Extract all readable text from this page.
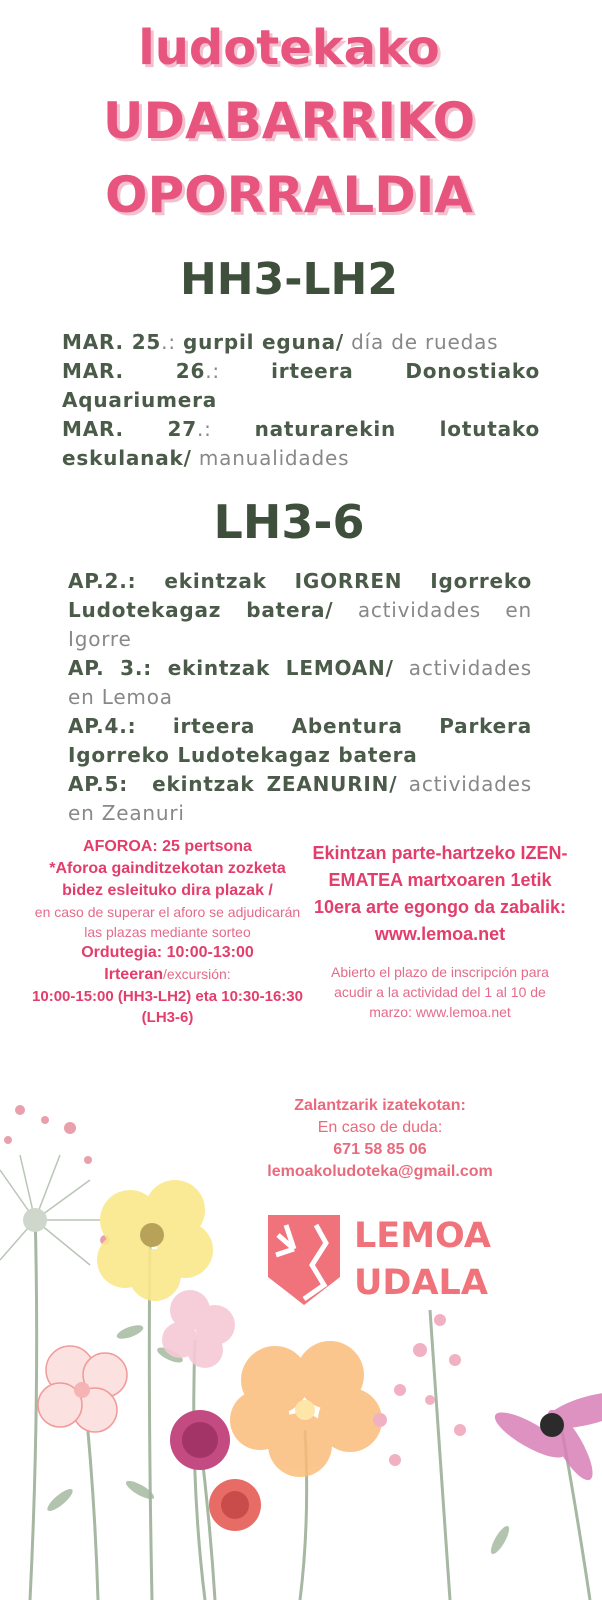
ludotekako
UDABARRIKO
OPORRALDIA
HH3-LH2

MAR. 25.: gurpil eguna/ día de ruedas

MAR. 26.: irteera Donostiako Aquariumera

MAR. 27.: naturarekin lotutako eskulanak/ manualidades

LH3-6

AP.2.: ekintzak IGORREN Igorreko Ludotekagaz batera/ actividades en Igorre

AP. 3.: ekintzak LEMOAN/ actividades en Lemoa

AP.4.: irteera Abentura Parkera Igorreko Ludotekagaz batera

AP.5:  ekintzak ZEANURIN/ actividades en Zeanuri

AFOROA: 25 pertsona
*Aforoa gainditzekotan zozketa bidez esleituko dira plazak /
en caso de superar el aforo se adjudicarán las plazas mediante sorteo
Ordutegia: 10:00-13:00
Irteeran/excursión:
10:00-15:00 (HH3-LH2) eta 10:30-16:30 (LH3-6)
Ekintzan parte-hartzeko IZEN-EMATEA martxoaren 1etik 10era arte egongo da zabalik: www.lemoa.net
Abierto el plazo de inscripción para acudir a la actividad del 1 al 10 de marzo: www.lemoa.net
Zalantzarik izatekotan:
En caso de duda:
671 58 85 06
lemoakoludoteka@gmail.com
LEMOA
UDALA
